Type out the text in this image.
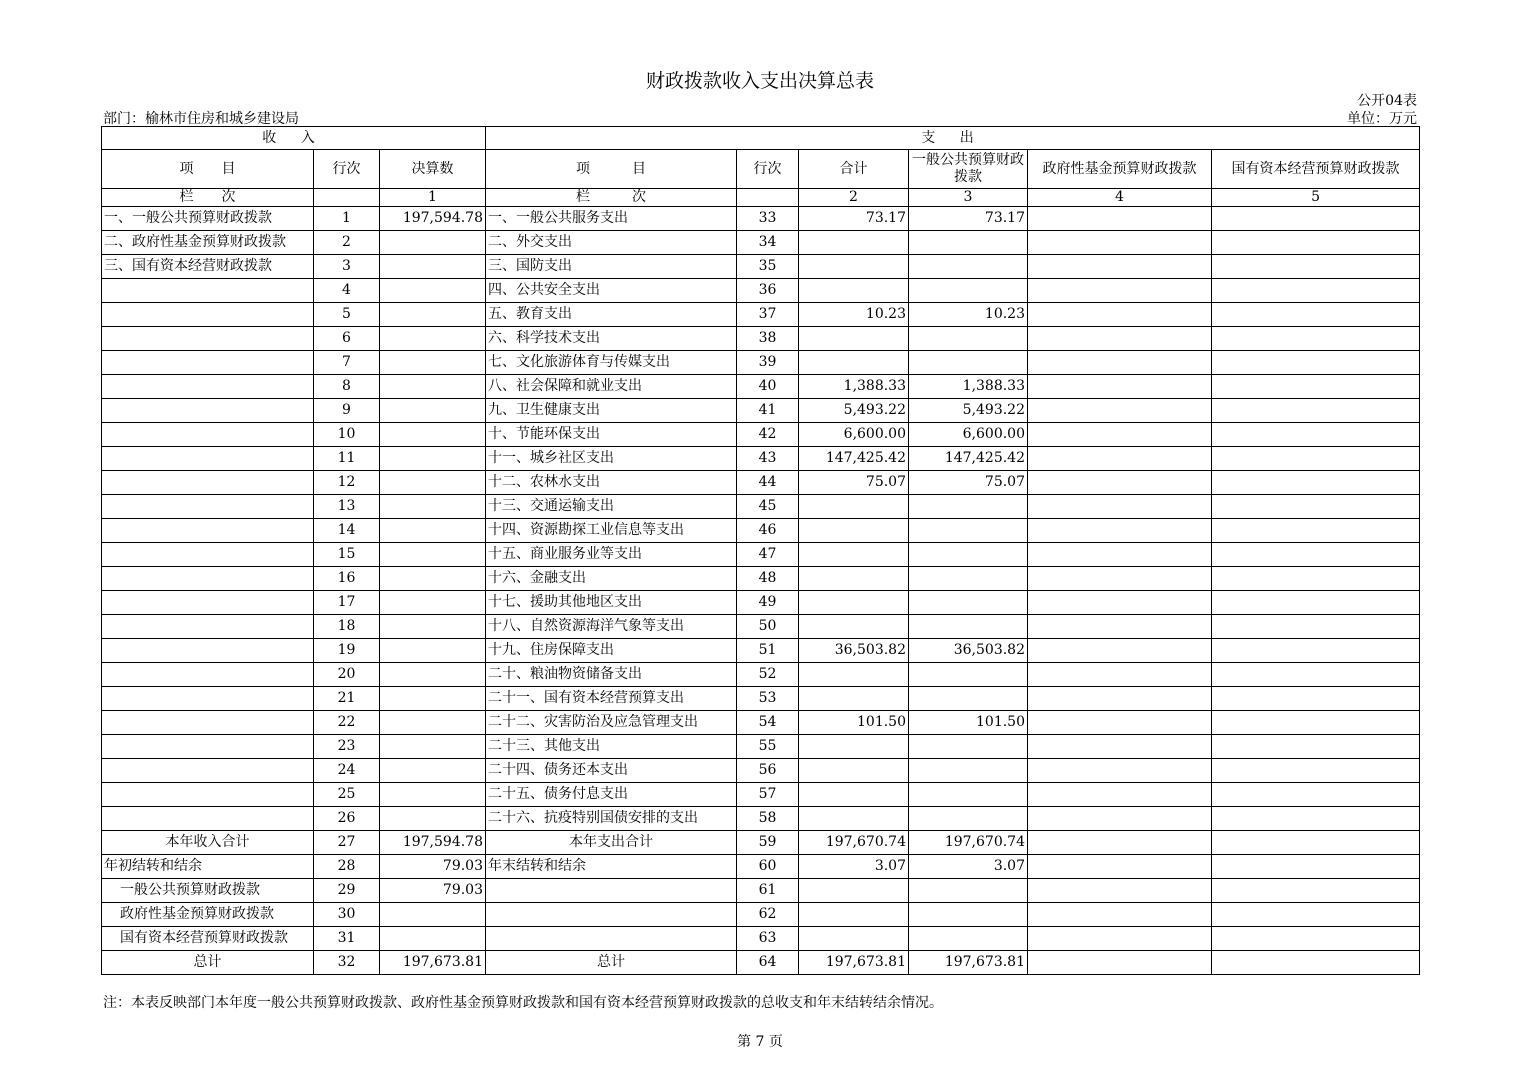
财政拨款收入支出决算总表
公开04表
部门：榆林市住房和城乡建设局	单位：万元
收 入			支 出					
项　　目	行次	决算数	项　　　目	行次	合计	一般公共预算财政拨款	政府性基金预算财政拨款	国有资本经营预算财政拨款
栏　　次		1	栏　　　次		2	3	4	5
一、一般公共预算财政拨款	1	197,594.78	一、一般公共服务支出	33	73.17	73.17		
二、政府性基金预算财政拨款	2		二、外交支出	34				
三、国有资本经营财政拨款	3		三、国防支出	35				
	4		四、公共安全支出	36				
	5		五、教育支出	37	10.23	10.23		
	6		六、科学技术支出	38				
	7		七、文化旅游体育与传媒支出	39				
	8		八、社会保障和就业支出	40	1,388.33	1,388.33		
	9		九、卫生健康支出	41	5,493.22	5,493.22		
	10		十、节能环保支出	42	6,600.00	6,600.00		
	11		十一、城乡社区支出	43	147,425.42	147,425.42		
	12		十二、农林水支出	44	75.07	75.07		
	13		十三、交通运输支出	45				
	14		十四、资源勘探工业信息等支出	46				
	15		十五、商业服务业等支出	47				
	16		十六、金融支出	48				
	17		十七、援助其他地区支出	49				
	18		十八、自然资源海洋气象等支出	50				
	19		十九、住房保障支出	51	36,503.82	36,503.82		
	20		二十、粮油物资储备支出	52				
	21		二十一、国有资本经营预算支出	53				
	22		二十二、灾害防治及应急管理支出	54	101.50	101.50		
	23		二十三、其他支出	55				
	24		二十四、债务还本支出	56				
	25		二十五、债务付息支出	57				
	26		二十六、抗疫特别国债安排的支出	58				
本年收入合计	27	197,594.78	本年支出合计	59	197,670.74	197,670.74		
年初结转和结余	28	79.03	年末结转和结余	60	3.07	3.07		
一般公共预算财政拨款	29	79.03		61				
政府性基金预算财政拨款	30			62				
国有资本经营预算财政拨款	31			63				
总计	32	197,673.81	总计	64	197,673.81	197,673.81		
注：本表反映部门本年度一般公共预算财政拨款、政府性基金预算财政拨款和国有资本经营预算财政拨款的总收支和年末结转结余情况。
第 7 页
